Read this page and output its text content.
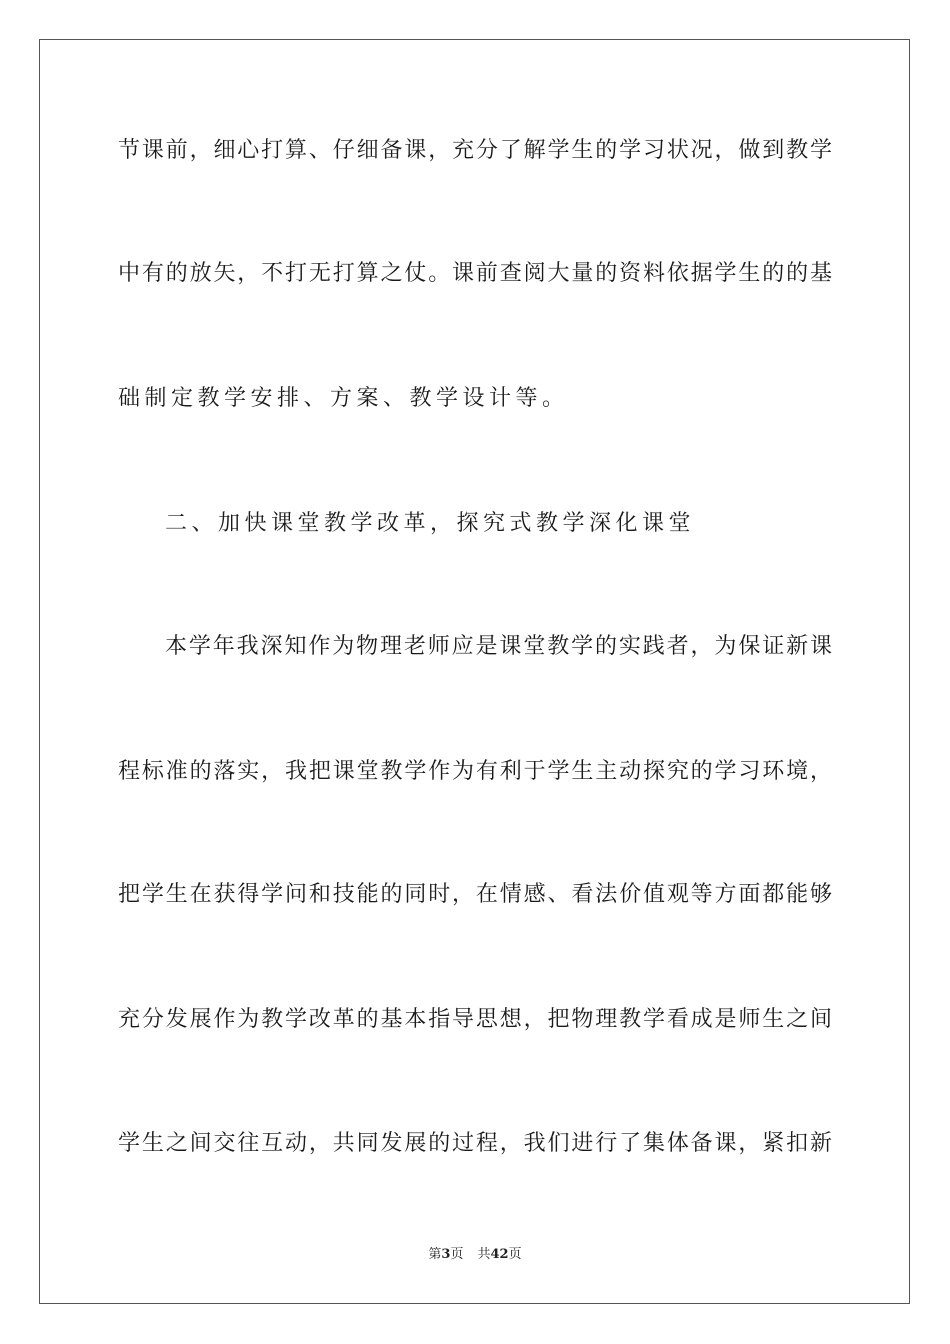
节课前，细心打算、仔细备课，充分了解学生的学习状况，做到教学
中有的放矢，不打无打算之仗。课前查阅大量的资料依据学生的的基
础制定教学安排、方案、教学设计等。
二、加快课堂教学改革，探究式教学深化课堂
本学年我深知作为物理老师应是课堂教学的实践者，为保证新课
程标准的落实，我把课堂教学作为有利于学生主动探究的学习环境，
把学生在获得学问和技能的同时，在情感、看法价值观等方面都能够
充分发展作为教学改革的基本指导思想，把物理教学看成是师生之间
学生之间交往互动，共同发展的过程，我们进行了集体备课，紧扣新
第3页 共42页
